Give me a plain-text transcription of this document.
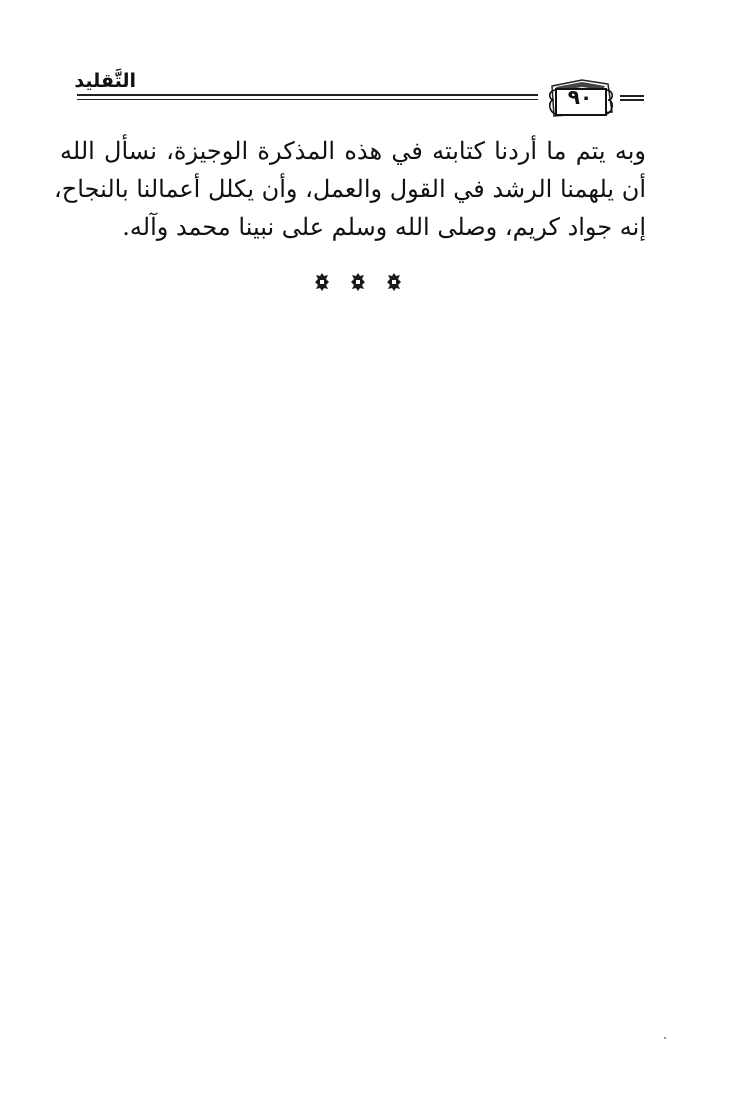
التَّقليد
٩٠
وبه يتم ما أردنا كتابته في هذه المذكرة الوجيزة، نسأل الله
أن يلهمنا الرشد في القول والعمل، وأن يكلل أعمالنا بالنجاح،
إنه جواد كريم، وصلى الله وسلم على نبينا محمد وآله.
